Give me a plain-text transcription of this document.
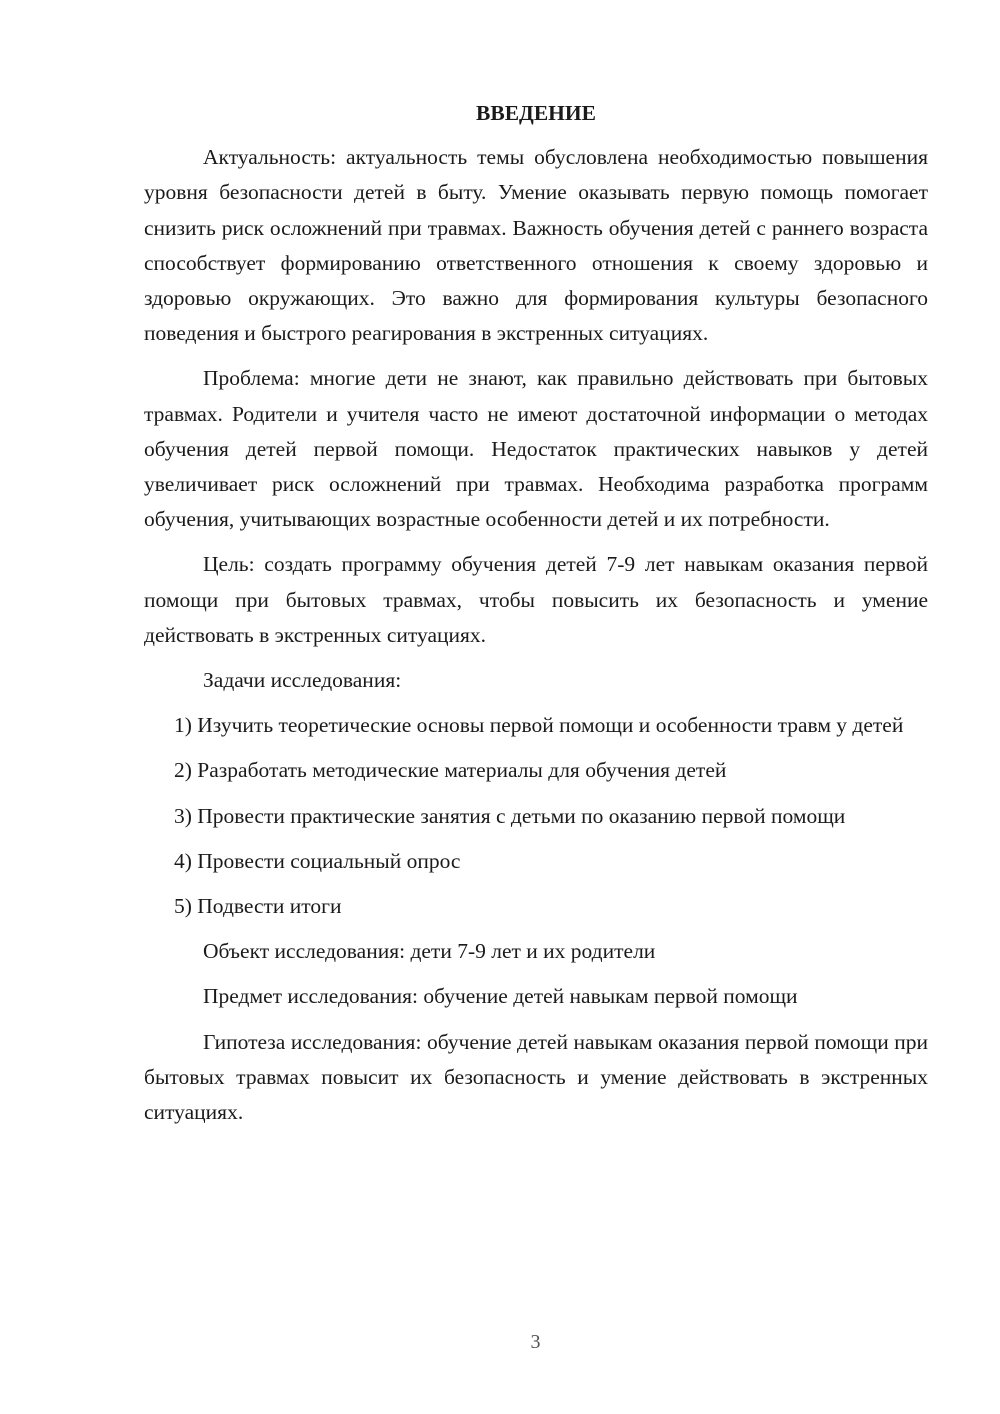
ВВЕДЕНИЕ

Актуальность: актуальность темы обусловлена необходимостью повышения уровня безопасности детей в быту. Умение оказывать первую помощь помогает снизить риск осложнений при травмах. Важность обучения детей с раннего возраста способствует формированию ответственного отношения к своему здоровью и здоровью окружающих. Это важно для формирования культуры безопасного поведения и быстрого реагирования в экстренных ситуациях.

Проблема: многие дети не знают, как правильно действовать при бытовых травмах. Родители и учителя часто не имеют достаточной информации о методах обучения детей первой помощи. Недостаток практических навыков у детей увеличивает риск осложнений при травмах. Необходима разработка программ обучения, учитывающих возрастные особенности детей и их потребности.

Цель: создать программу обучения детей 7-9 лет навыкам оказания первой помощи при бытовых травмах, чтобы повысить их безопасность и умение действовать в экстренных ситуациях.

Задачи исследования:

1) Изучить теоретические основы первой помощи и особенности травм у детей

2) Разработать методические материалы для обучения детей

3) Провести практические занятия с детьми по оказанию первой помощи

4) Провести социальный опрос

5) Подвести итоги

Объект исследования: дети 7-9 лет и их родители

Предмет исследования: обучение детей навыкам первой помощи

Гипотеза исследования: обучение детей навыкам оказания первой помощи при бытовых травмах повысит их безопасность и умение действовать в экстренных ситуациях.

3
